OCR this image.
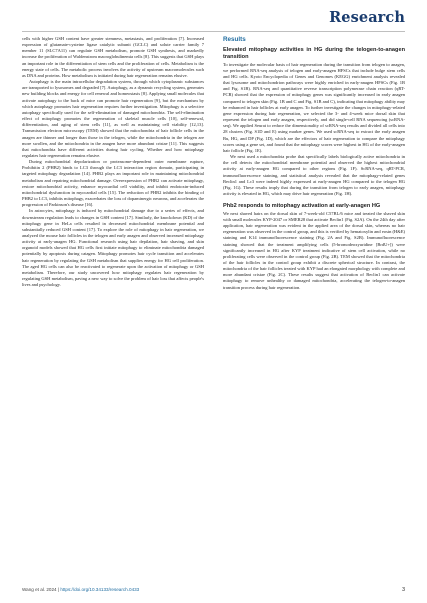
Research

cells with higher GSH content have greater stemness, metastasis, and proliferation [7]. Increased expression of glutamate-cysteine ligase catalytic subunit (GCLC) and solute carrier family 7 member 11 (SLC7A11) can regulate GSH metabolism, promote GSH synthesis, and markedly increase the proliferation of Waldenstrom macroglobulinemia cells [8]. This suggests that GSH plays an important role in the differentiation of stem cells and the proliferation of cells. Metabolism is the energy state of cells. The metabolic process involves the activity of upstream macromolecules such as DNA and proteins. How metabolism is initiated during hair regeneration remains elusive.

Autophagy is the main intracellular degradation system, through which cytoplasmic substances are transported to lysosomes and degraded [7]. Autophagy, as a dynamic recycling system, generates new building blocks and energy for cell renewal and homeostasis [8]. Applying small molecules that activate autophagy to the back of mice can promote hair regeneration [9], but the mechanism by which autophagy promotes hair regeneration requires further investigation. Mitophagy is a selective autophagy specifically used for the self-elimination of damaged mitochondria. The self-elimination effect of mitophagy promotes the regeneration of skeletal muscle cells [10], self-renewal, differentiation, and aging of stem cells [11], as well as maintaining cell viability [12,13]. Transmission electron microscopy (TEM) showed that the mitochondria of hair follicle cells in the anagen are thinner and longer than those in the telogen, while the mitochondria in the telogen are more swollen, and the mitochondria in the anagen have more abundant cristae [11]. This suggests that mitochondria have different activities during hair cycling. Whether and how mitophagy regulates hair regeneration remains elusive.

During mitochondrial depolarization or proteasome-dependent outer membrane rupture, Prohibitin 2 (PHB2) binds to LC3 through the LC3 interaction region domain, participating in targeted mitophagy degradation [14]. PHB2 plays an important role in maintaining mitochondrial metabolism and repairing mitochondrial damage. Overexpression of PHB2 can activate mitophagy, restore mitochondrial activity, enhance myocardial cell viability, and inhibit endotoxin-induced mitochondrial dysfunction in myocardial cells [15]. The reduction of PHB2 inhibits the binding of PHB2 to LC3, inhibits mitophagy, exacerbates the loss of dopaminergic neurons, and accelerates the progression of Parkinson's disease [16].

In astrocytes, mitophagy is induced by mitochondrial damage due to a series of effects, and downstream regulation leads to changes in GSH content [17]. Similarly, the knockdown (KD) of the mitophagy gene in HeLa cells resulted in decreased mitochondrial membrane potential and substantially reduced GSH content [17]. To explore the role of mitophagy in hair regeneration, we analyzed the mouse hair follicles in the telogen and early anagen and observed increased mitophagy activity at early-anagen HG. Functional research using hair depilation, hair shaving, and skin organoid models showed that HG cells first initiate mitophagy to eliminate mitochondria damaged potentially by apoptosis during catagen. Mitophagy promotes hair cycle transition and accelerates hair regeneration by regulating the GSH metabolism that supplies energy for HG cell proliferation. The aged HG cells can also be reactivated to regenerate upon the activation of mitophagy or GSH metabolism. Therefore, our study uncovered how mitophagy regulates hair regeneration by regulating GSH metabolism, paving a new way to solve the problem of hair loss that affects people's lives and psychology.

Results
Elevated mitophagy activities in HG during the telogen-to-anagen transition

To investigate the molecular basis of hair regeneration during the transition from telogen to anagen, we performed RNA-seq analysis of telogen and early-anagen HFSCs that include bulge stem cells and HG cells. Kyoto Encyclopedia of Genes and Genomes (KEGG) enrichment analysis revealed that lysosome and mitochondrion pathways were highly enriched in early-anagen HFSCs (Fig. 1B and Fig. S1B). RNA-seq and quantitative reverse transcription polymerase chain reaction (qRT-PCR) showed that the expression of mitophagy genes was significantly increased in early anagen compared to telogen skin (Fig. 1B and C and Fig. S1B and C), indicating that mitophagy ability may be enhanced in hair follicles at early anagen. To further investigate the changes in mitophagy-related gene expression during hair regeneration, we selected the 3- and 4-week mice dorsal skin that represent the telogen and early anagen, respectively, and did single-cell RNA sequencing (scRNA-seq). We applied Seurat to reduce the dimensionality of scRNA-seq results and divided all cells into 28 clusters (Fig. S1D and E) using marker genes. We used scRNA-seq to extract the early anagen Bu, HG, and DP (Fig. 1D), which are the effectors of hair regeneration to compare the mitophagy scores using a gene set, and found that the mitophagy scores were highest in HG of the early-anagen hair follicle (Fig. 1E).

We next used a mitochondria probe that specifically labels biologically active mitochondria in the cell detects the mitochondrial membrane potential and observed the highest mitochondrial activity at early-anagen HG compared to other regions (Fig. 1F). ScRNA-seq, qRT-PCR, immunofluorescence staining, and statistical analysis revealed that the mitophagy-related genes Beclin1 and Lc3 were indeed highly expressed at early-anagen HG compared to the telogen HG (Fig. 1G). These results imply that during the transition from telogen to early anagen, mitophagy activity is elevated in HG, which may drive hair regeneration (Fig. 1H).

Phb2 responds to mitophagy activation at early-anagen HG

We next shaved hairs on the dorsal skin of 7-week-old C57BL/6 mice and treated the shaved skin with small molecules KYP-2047 or SMER28 that activate Beclin1 (Fig. S2A). On the 24th day after application, hair regeneration was evident in the applied area of the dorsal skin, whereas no hair regeneration was observed in the control group, and this is verified by hematoxylin and eosin (H&E) staining and K14 immunofluorescence staining (Fig. 2A and Fig. S2B). Immunofluorescence staining showed that the treatment amplifying cells (5-bromodeoxyuridine [BrdU+]) were significantly increased in HG after KYP treatment indicative of stem cell activation, while no proliferating cells were observed in the control group (Fig. 2B). TEM showed that the mitochondria of the hair follicles in the control group exhibit a discrete spherical structure. In contrast, the mitochondria of the hair follicles treated with KYP had an elongated morphology with complete and more abundant cristae (Fig. 2C). These results suggest that activation of Beclin1 can activate mitophagy to remove unhealthy or damaged mitochondria, accelerating the telogen-to-anagen transition process during hair regeneration.

Wang et al. 2024 | https://doi.org/10.34133/research.0433	3
